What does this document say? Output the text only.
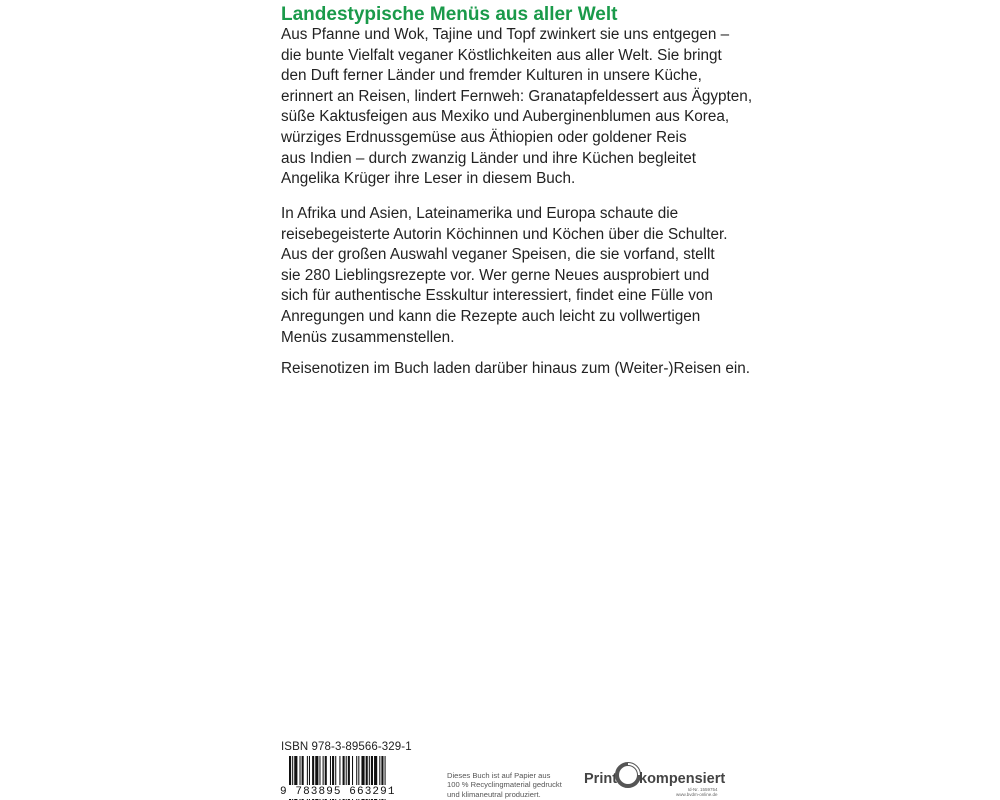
Landestypische Menüs aus aller Welt

Aus Pfanne und Wok, Tajine und Topf zwinkert sie uns entgegen –
die bunte Vielfalt veganer Köstlichkeiten aus aller Welt. Sie bringt
den Duft ferner Länder und fremder Kulturen in unsere Küche,
erinnert an Reisen, lindert Fernweh: Granatapfeldessert aus Ägypten,
süße Kaktusfeigen aus Mexiko und Auberginenblumen aus Korea,
würziges Erdnussgemüse aus Äthiopien oder goldener Reis
aus Indien – durch zwanzig Länder und ihre Küchen begleitet
Angelika Krüger ihre Leser in diesem Buch.

In Afrika und Asien, Lateinamerika und Europa schaute die
reisebegeisterte Autorin Köchinnen und Köchen über die Schulter.
Aus der großen Auswahl veganer Speisen, die sie vorfand, stellt
sie 280 Lieblingsrezepte vor. Wer gerne Neues ausprobiert und
sich für authentische Esskultur interessiert, findet eine Fülle von
Anregungen und kann die Rezepte auch leicht zu vollwertigen
Menüs zusammenstellen.

Reisenotizen im Buch laden darüber hinaus zum (Weiter-)Reisen ein.

ISBN 978-3-89566-329-1
9 783895 663291
Dieses Buch ist auf Papier aus
100 % Recyclingmaterial gedruckt
und klimaneutral produziert.
Print kompensiert
Id-Nr. 1559754
www.bvdm-online.de
